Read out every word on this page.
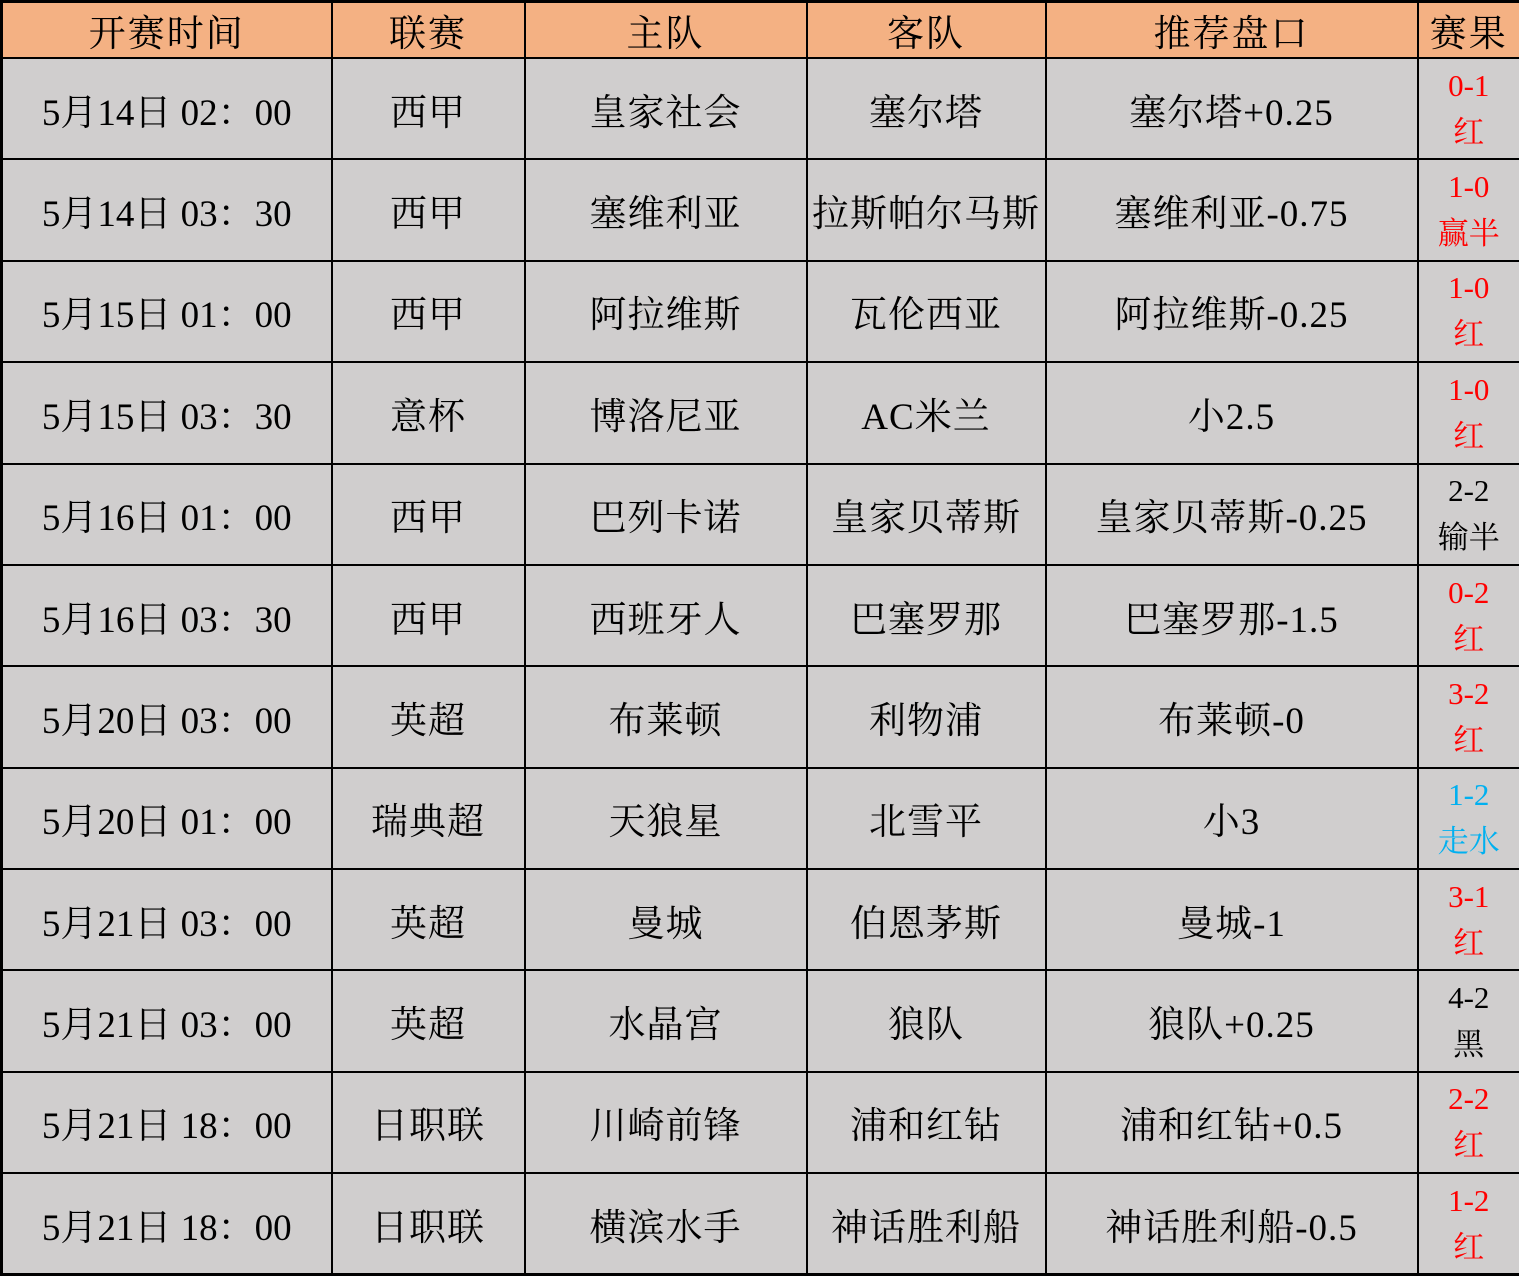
开赛时间	联赛	主队	客队	推荐盘口	赛果
5月14日 02：00	西甲	皇家社会	塞尔塔	塞尔塔+0.25	0-1
红

5月14日 03：30	西甲	塞维利亚	拉斯帕尔马斯	塞维利亚-0.75	1-0
赢半

5月15日 01：00	西甲	阿拉维斯	瓦伦西亚	阿拉维斯-0.25	1-0
红

5月15日 03：30	意杯	博洛尼亚	AC米兰	小2.5	1-0
红

5月16日 01：00	西甲	巴列卡诺	皇家贝蒂斯	皇家贝蒂斯-0.25	2-2
输半

5月16日 03：30	西甲	西班牙人	巴塞罗那	巴塞罗那-1.5	0-2
红

5月20日 03：00	英超	布莱顿	利物浦	布莱顿-0	3-2
红

5月20日 01：00	瑞典超	天狼星	北雪平	小3	1-2
走水

5月21日 03：00	英超	曼城	伯恩茅斯	曼城-1	3-1
红

5月21日 03：00	英超	水晶宫	狼队	狼队+0.25	4-2
黑

5月21日 18：00	日职联	川崎前锋	浦和红钻	浦和红钻+0.5	2-2
红

5月21日 18：00	日职联	横滨水手	神话胜利船	神话胜利船-0.5	1-2
红
